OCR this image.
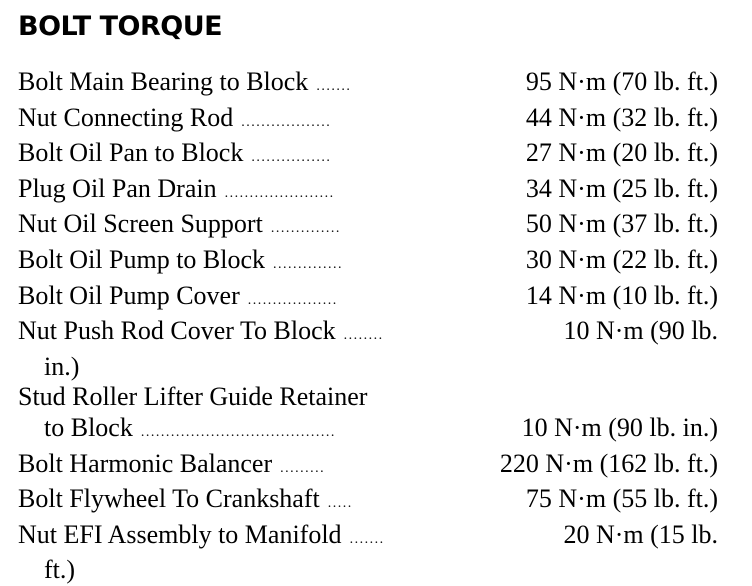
BOLT TORQUE
Bolt Main Bearing to Block .......	95 N·m (70 lb. ft.)
Nut Connecting Rod ..................	44 N·m (32 lb. ft.)
Bolt Oil Pan to Block ................	27 N·m (20 lb. ft.)
Plug Oil Pan Drain ......................	34 N·m (25 lb. ft.)
Nut Oil Screen Support ..............	50 N·m (37 lb. ft.)
Bolt Oil Pump to Block ..............	30 N·m (22 lb. ft.)
Bolt Oil Pump Cover ..................	14 N·m (10 lb. ft.)
Nut Push Rod Cover To Block ........	10 N·m (90 lb.
in.)
Stud Roller Lifter Guide Retainer
to Block .......................................	10 N·m (90 lb. in.)
Bolt Harmonic Balancer .........	220 N·m (162 lb. ft.)
Bolt Flywheel To Crankshaft .....	75 N·m (55 lb. ft.)
Nut EFI Assembly to Manifold .......	20 N·m (15 lb.
ft.)
